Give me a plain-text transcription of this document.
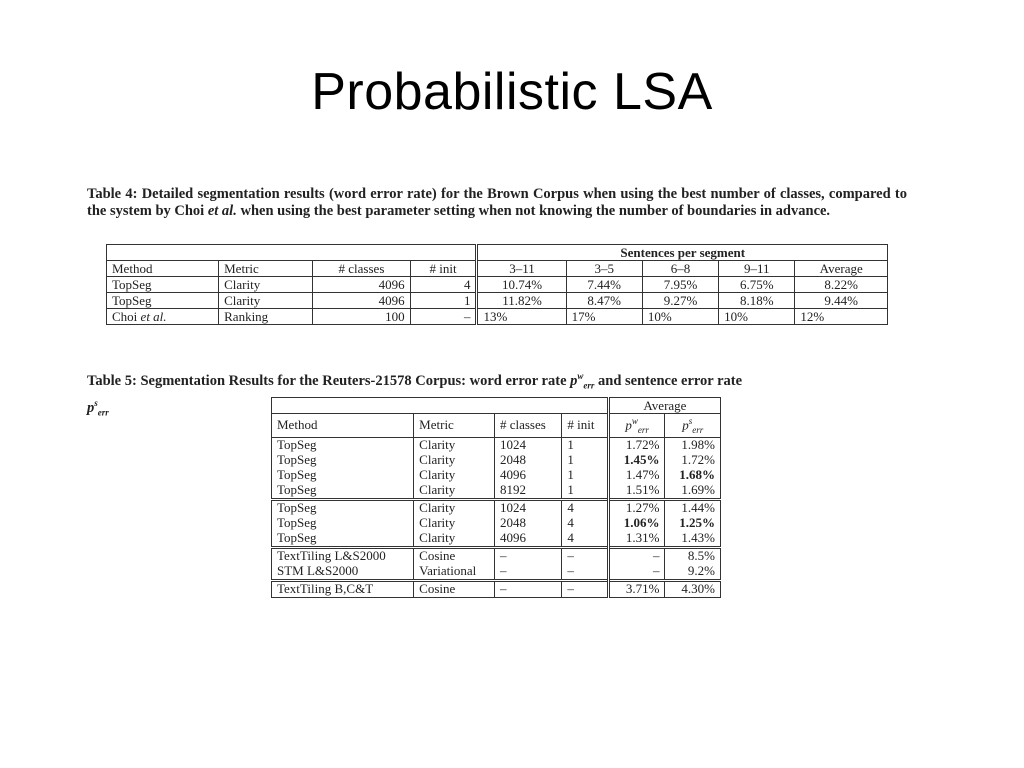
Probabilistic LSA
Table 4: Detailed segmentation results (word error rate) for the Brown Corpus when using the best number of classes, compared to the system by Choi et al. when using the best parameter setting when not knowing the number of boundaries in advance.
				Sentences per segment				
Method	Metric	# classes	# init	3–11	3–5	6–8	9–11	Average
TopSeg	Clarity	4096	4	10.74%	7.44%	7.95%	6.75%	8.22%
TopSeg	Clarity	4096	1	11.82%	8.47%	9.27%	8.18%	9.44%
Choi et al.	Ranking	100	–	13%	17%	10%	10%	12%
Table 5: Segmentation Results for the Reuters-21578 Corpus: word error rate $p^w_{err}$ and sentence error rate
$p^s_{err}$
				Average	
Method	Metric	# classes	# init	$p^w_{err}$	$p^s_{err}$
TopSeg	Clarity	1024	1	1.72%	1.98%
TopSeg	Clarity	2048	1	1.45%	1.72%
TopSeg	Clarity	4096	1	1.47%	1.68%
TopSeg	Clarity	8192	1	1.51%	1.69%
TopSeg	Clarity	1024	4	1.27%	1.44%
TopSeg	Clarity	2048	4	1.06%	1.25%
TopSeg	Clarity	4096	4	1.31%	1.43%
TextTiling L&S2000	Cosine	–	–	–	8.5%
STM L&S2000	Variational	–	–	–	9.2%
TextTiling B,C&T	Cosine	–	–	3.71%	4.30%
